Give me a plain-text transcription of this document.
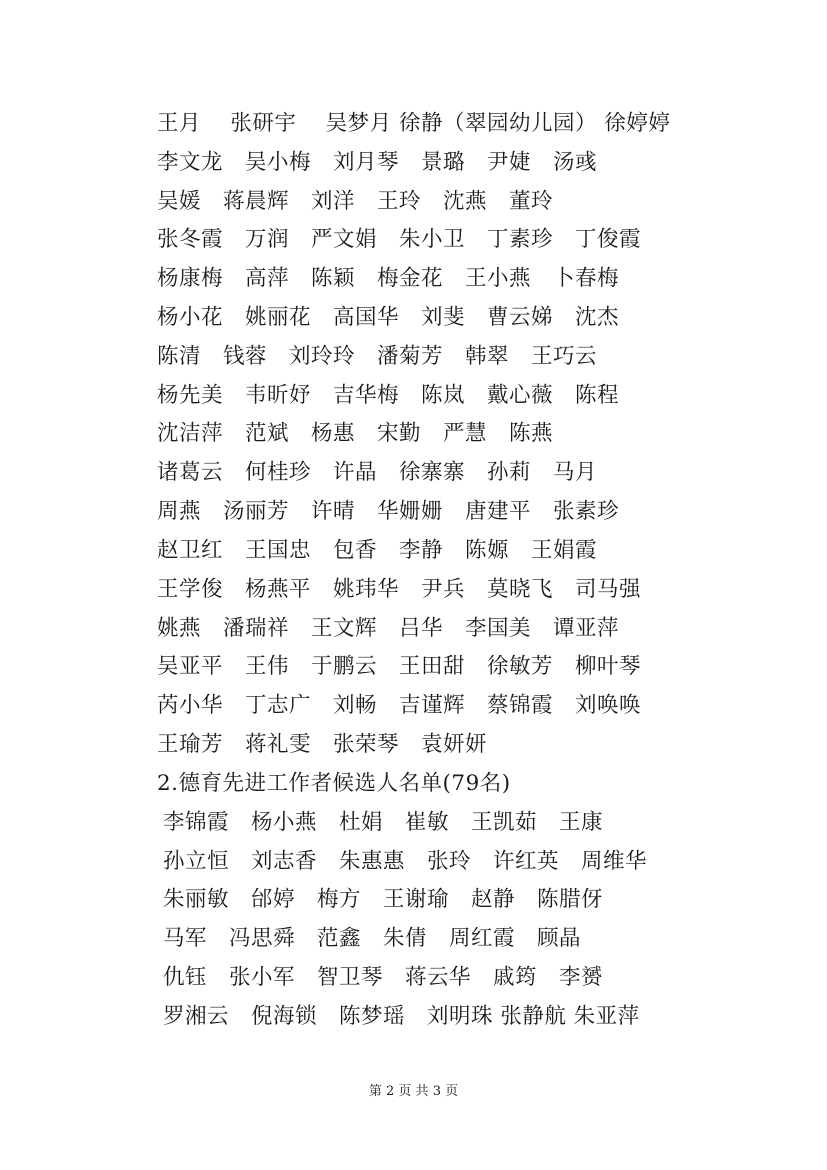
王月　 张研宇　 吴梦月 徐静（翠园幼儿园） 徐婷婷
李文龙　吴小梅　刘月琴　景璐　尹婕　汤彧
吴媛　蒋晨辉　刘洋　王玲　沈燕　董玲
张冬霞　万润　严文娟　朱小卫　丁素珍　丁俊霞
杨康梅　高萍　陈颖　梅金花　王小燕　卜春梅
杨小花　姚丽花　高国华　刘斐　曹云娣　沈杰
陈清　钱蓉　刘玲玲　潘菊芳　韩翠　王巧云
杨先美　韦昕妤　吉华梅　陈岚　戴心薇　陈程
沈洁萍　范斌　杨惠　宋勤　严慧　陈燕
诸葛云　何桂珍　许晶　徐寨寨　孙莉　马月
周燕　汤丽芳　许晴　华姗姗　唐建平　张素珍
赵卫红　王国忠　包香　李静　陈嫄　王娟霞
王学俊　杨燕平　姚玮华　尹兵　莫晓飞　司马强
姚燕　潘瑞祥　王文辉　吕华　李国美　谭亚萍
吴亚平　王伟　于鹏云　王田甜　徐敏芳　柳叶琴
芮小华　丁志广　刘畅　吉谨辉　蔡锦霞　刘唤唤
王瑜芳　蒋礼雯　张荣琴　袁妍妍
2.德育先进工作者候选人名单(79名)
李锦霞　杨小燕　杜娟　崔敏　王凯茹　王康
孙立恒　刘志香　朱惠惠　张玲　许红英　周维华
朱丽敏　邰婷　梅方　王谢瑜　赵静　陈腊伢
马军　冯思舜　范鑫　朱倩　周红霞　顾晶
仇钰　张小军　智卫琴　蒋云华　戚筠　李赟
罗湘云　倪海锁　陈梦瑶　刘明珠 张静航 朱亚萍
第 2 页 共 3 页
